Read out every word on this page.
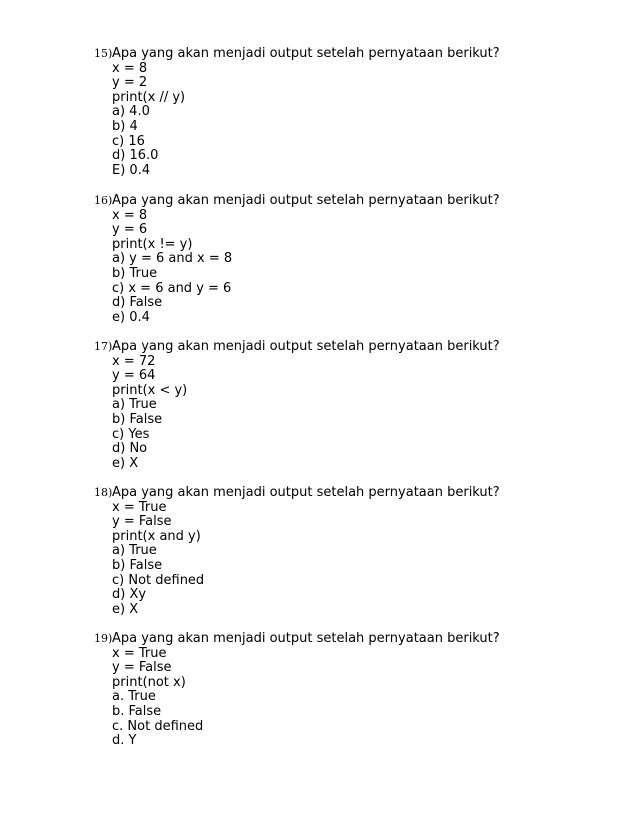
15) Apa yang akan menjadi output setelah pernyataan berikut?
x = 8
y = 2
print(x // y)
a) 4.0
b) 4
c) 16
d) 16.0
E) 0.4
16) Apa yang akan menjadi output setelah pernyataan berikut?
x = 8
y = 6
print(x != y)
a) y = 6 and x = 8
b) True
c) x = 6 and y = 6
d) False
e) 0.4
17) Apa yang akan menjadi output setelah pernyataan berikut?
x = 72
y = 64
print(x < y)
a) True
b) False
c) Yes
d) No
e) X
18) Apa yang akan menjadi output setelah pernyataan berikut?
x = True
y = False
print(x and y)
a) True
b) False
c) Not defined
d) Xy
e) X
19) Apa yang akan menjadi output setelah pernyataan berikut?
x = True
y = False
print(not x)
a. True
b. False
c. Not defined
d. Y
